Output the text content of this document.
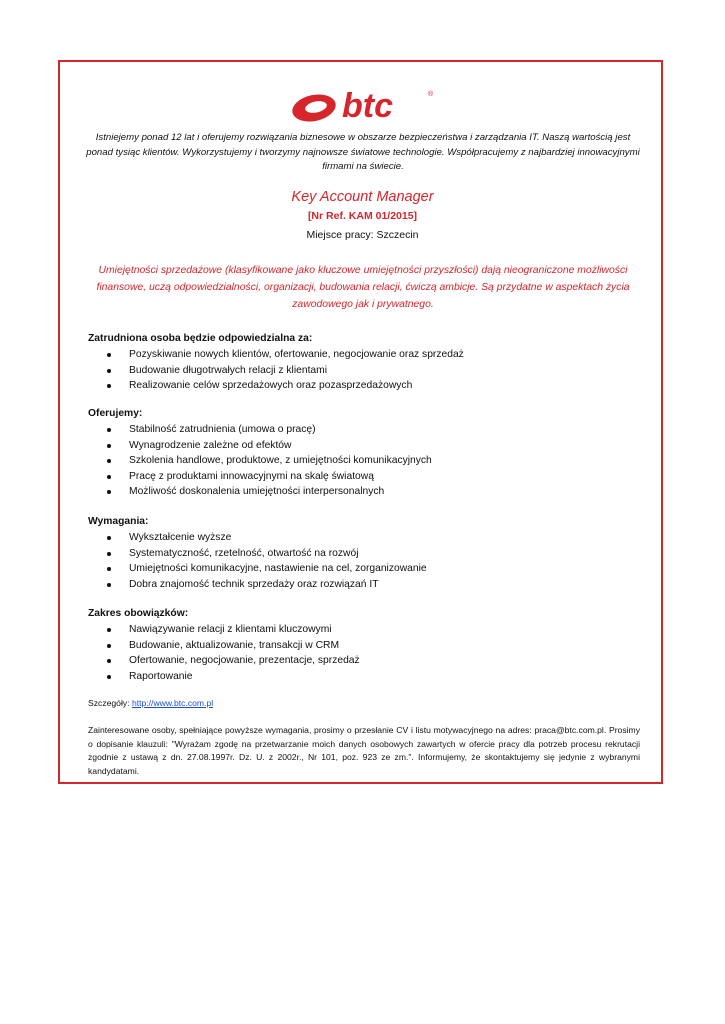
btc	®
Istniejemy ponad 12 lat i oferujemy rozwiązania biznesowe w obszarze bezpieczeństwa i zarządzania IT. Naszą wartością jest ponad tysiąc klientów. Wykorzystujemy i tworzymy najnowsze światowe technologie. Współpracujemy z najbardziej innowacyjnymi firmami na świecie.
Key Account Manager
[Nr Ref. KAM 01/2015]
Miejsce pracy: Szczecin
Umiejętności sprzedażowe (klasyfikowane jako kluczowe umiejętności przyszłości) dają nieograniczone możliwości finansowe, uczą odpowiedzialności, organizacji, budowania relacji, ćwiczą ambicje. Są przydatne w aspektach życia zawodowego jak i prywatnego.
Zatrudniona osoba będzie odpowiedzialna za:
Pozyskiwanie nowych klientów, ofertowanie, negocjowanie oraz sprzedaż
Budowanie długotrwałych relacji z klientami
Realizowanie celów sprzedażowych oraz pozasprzedażowych
Oferujemy:
Stabilność zatrudnienia (umowa o pracę)
Wynagrodzenie zależne od efektów
Szkolenia handlowe, produktowe, z umiejętności komunikacyjnych
Pracę z produktami innowacyjnymi na skalę światową
Możliwość doskonalenia umiejętności interpersonalnych
Wymagania:
Wykształcenie wyższe
Systematyczność, rzetelność, otwartość na rozwój
Umiejętności komunikacyjne, nastawienie na cel, zorganizowanie
Dobra znajomość technik sprzedaży oraz rozwiązań IT
Zakres obowiązków:
Nawiązywanie relacji z klientami kluczowymi
Budowanie, aktualizowanie, transakcji w CRM
Ofertowanie, negocjowanie, prezentacje, sprzedaż
Raportowanie
Szczegóły: http://www.btc.com.pl
Zainteresowane osoby, spełniające powyższe wymagania, prosimy o przesłanie CV i listu motywacyjnego na adres: praca@btc.com.pl. Prosimy o dopisanie klauzuli: "Wyrażam zgodę na przetwarzanie moich danych osobowych zawartych w ofercie pracy dla potrzeb procesu rekrutacji zgodnie z ustawą z dn. 27.08.1997r. Dz. U. z 2002r., Nr 101, poz. 923 ze zm.". Informujemy, że skontaktujemy się jedynie z wybranymi kandydatami.
